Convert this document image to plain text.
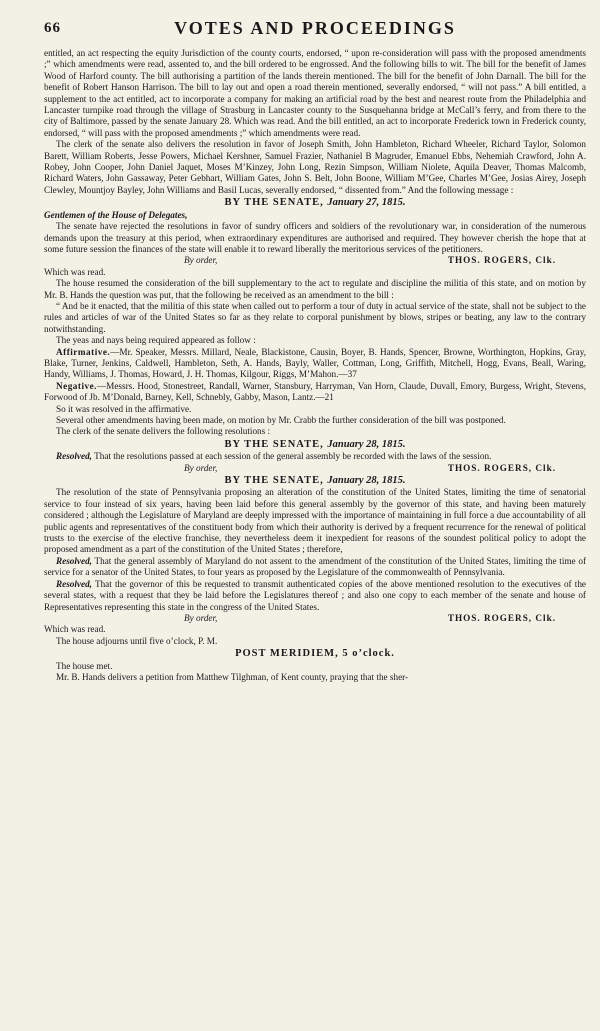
66	VOTES AND PROCEEDINGS

entitled, an act respecting the equity Jurisdiction of the county courts, endorsed, “ upon re-consideration will pass with the proposed amendments ;” which amendments were read, assented to, and the bill ordered to be engrossed. And the following bills to wit. The bill for the benefit of James Wood of Harford county. The bill authorising a partition of the lands therein mentioned. The bill for the benefit of John Darnall. The bill for the benefit of Robert Hanson Harrison. The bill to lay out and open a road therein mentioned, severally endorsed, “ will not pass.” A bill entitled, a supplement to the act entitled, act to incorporate a company for making an artificial road by the best and nearest route from the Philadelphia and Lancaster turnpike road through the village of Strasburg in Lancaster county to the Susquehanna bridge at McCall’s ferry, and from there to the city of Baltimore, passed by the senate January 28. Which was read. And the bill entitled, an act to incorporate Frederick town in Frederick county, endorsed, “ will pass with the proposed amendments ;” which amendments were read.

The clerk of the senate also delivers the resolution in favor of Joseph Smith, John Hambleton, Richard Wheeler, Richard Taylor, Solomon Barett, William Roberts, Jesse Powers, Michael Kershner, Samuel Frazier, Nathaniel B Magruder, Emanuel Ebbs, Nehemiah Crawford, John A. Robey, John Cooper, John Daniel Jaquet, Moses M’Kinzey, John Long, Rezin Simpson, William Niolete, Aquila Deaver, Thomas Malcomb, Richard Waters, John Gassaway, Peter Gebhart, William Gates, John S. Belt, John Boone, William M’Gee, Charles M’Gee, Josias Airey, Joseph Clewley, Mountjoy Bayley, John Williams and Basil Lucas, severally endorsed, “ dissented from.” And the following message :

BY THE SENATE, January 27, 1815.

Gentlemen of the House of Delegates,

The senate have rejected the resolutions in favor of sundry officers and soldiers of the revolutionary war, in consideration of the numerous demands upon the treasury at this period, when extraordinary expenditures are authorised and required. They however cherish the hope that at some future session the finances of the state will enable it to reward liberally the meritorious services of the petitioners.

By order,	THOS. ROGERS, Clk.

Which was read.

The house resumed the consideration of the bill supplementary to the act to regulate and discipline the militia of this state, and on motion by Mr. B. Hands the question was put, that the following be received as an amendment to the bill :

“ And be it enacted, that the militia of this state when called out to perform a tour of duty in actual service of the state, shall not be subject to the rules and articles of war of the United States so far as they relate to corporal punishment by blows, stripes or beating, any law to the contrary notwithstanding.

The yeas and nays being required appeared as follow :

Affirmative.—Mr. Speaker, Messrs. Millard, Neale, Blackistone, Causin, Boyer, B. Hands, Spencer, Browne, Worthington, Hopkins, Gray, Blake, Turner, Jenkins, Caldwell, Hambleton, Seth, A. Hands, Bayly, Waller, Cottman, Long, Griffith, Mitchell, Hogg, Evans, Beall, Waring, Handy, Williams, J. Thomas, Howard, J. H. Thomas, Kilgour, Riggs, M’Mahon.—37

Negative.—Messrs. Hood, Stonestreet, Randall, Warner, Stansbury, Harryman, Van Horn, Claude, Duvall, Emory, Burgess, Wright, Stevens, Forwood of Jb. M’Donald, Barney, Kell, Schnebly, Gabby, Mason, Lantz.—21

So it was resolved in the affirmative.

Several other amendments having been made, on motion by Mr. Crabb the further consideration of the bill was postponed.

The clerk of the senate delivers the following resolutions :

BY THE SENATE, January 28, 1815.

Resolved, That the resolutions passed at each session of the general assembly be recorded with the laws of the session.

By order,	THOS. ROGERS, Clk.
BY THE SENATE, January 28, 1815.

The resolution of the state of Pennsylvania proposing an alteration of the constitution of the United States, limiting the time of senatorial service to four instead of six years, having been laid before this general assembly by the governor of this state, and having been maturely considered ; although the Legislature of Maryland are deeply impressed with the importance of maintaining in full force a due accountability of all public agents and representatives of the constituent body from which their authority is derived by a frequent recurrence for the renewal of political trusts to the exercise of the elective franchise, they nevertheless deem it inexpedient for reasons of the soundest political policy to adopt the proposed amendment as a part of the constitution of the United States ; therefore,

Resolved, That the general assembly of Maryland do not assent to the amendment of the constitution of the United States, limiting the time of service for a senator of the United States, to four years as proposed by the Legislature of the commonwealth of Pennsylvania.

Resolved, That the governor of this be requested to transmit authenticated copies of the above mentioned resolution to the executives of the several states, with a request that they be laid before the Legislatures thereof ; and also one copy to each member of the senate and house of Representatives representing this state in the congress of the United States.

By order,	THOS. ROGERS, Clk.

Which was read.

The house adjourns until five o’clock, P. M.

POST MERIDIEM, 5 o’clock.

The house met.

Mr. B. Hands delivers a petition from Matthew Tilghman, of Kent county, praying that the sher-
